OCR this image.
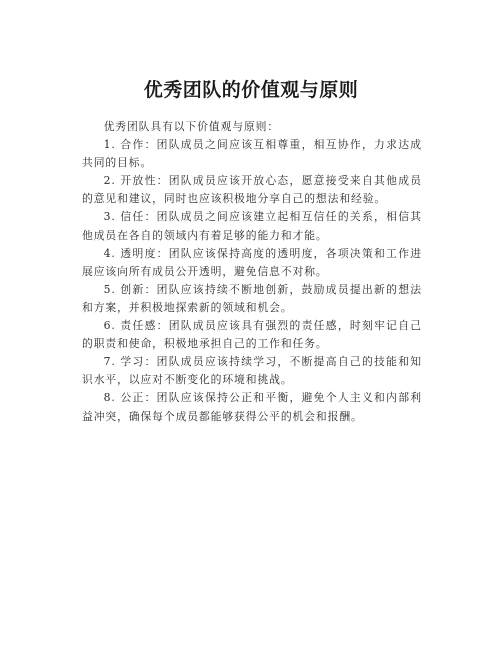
优秀团队的价值观与原则

优秀团队具有以下价值观与原则：

1. 合作：团队成员之间应该互相尊重，相互协作，力求达成共同的目标。

2. 开放性：团队成员应该开放心态，愿意接受来自其他成员的意见和建议，同时也应该积极地分享自己的想法和经验。

3. 信任：团队成员之间应该建立起相互信任的关系，相信其他成员在各自的领域内有着足够的能力和才能。

4. 透明度：团队应该保持高度的透明度，各项决策和工作进展应该向所有成员公开透明，避免信息不对称。

5. 创新：团队应该持续不断地创新，鼓励成员提出新的想法和方案，并积极地探索新的领域和机会。

6. 责任感：团队成员应该具有强烈的责任感，时刻牢记自己的职责和使命，积极地承担自己的工作和任务。

7. 学习：团队成员应该持续学习，不断提高自己的技能和知识水平，以应对不断变化的环境和挑战。

8. 公正：团队应该保持公正和平衡，避免个人主义和内部利益冲突，确保每个成员都能够获得公平的机会和报酬。
